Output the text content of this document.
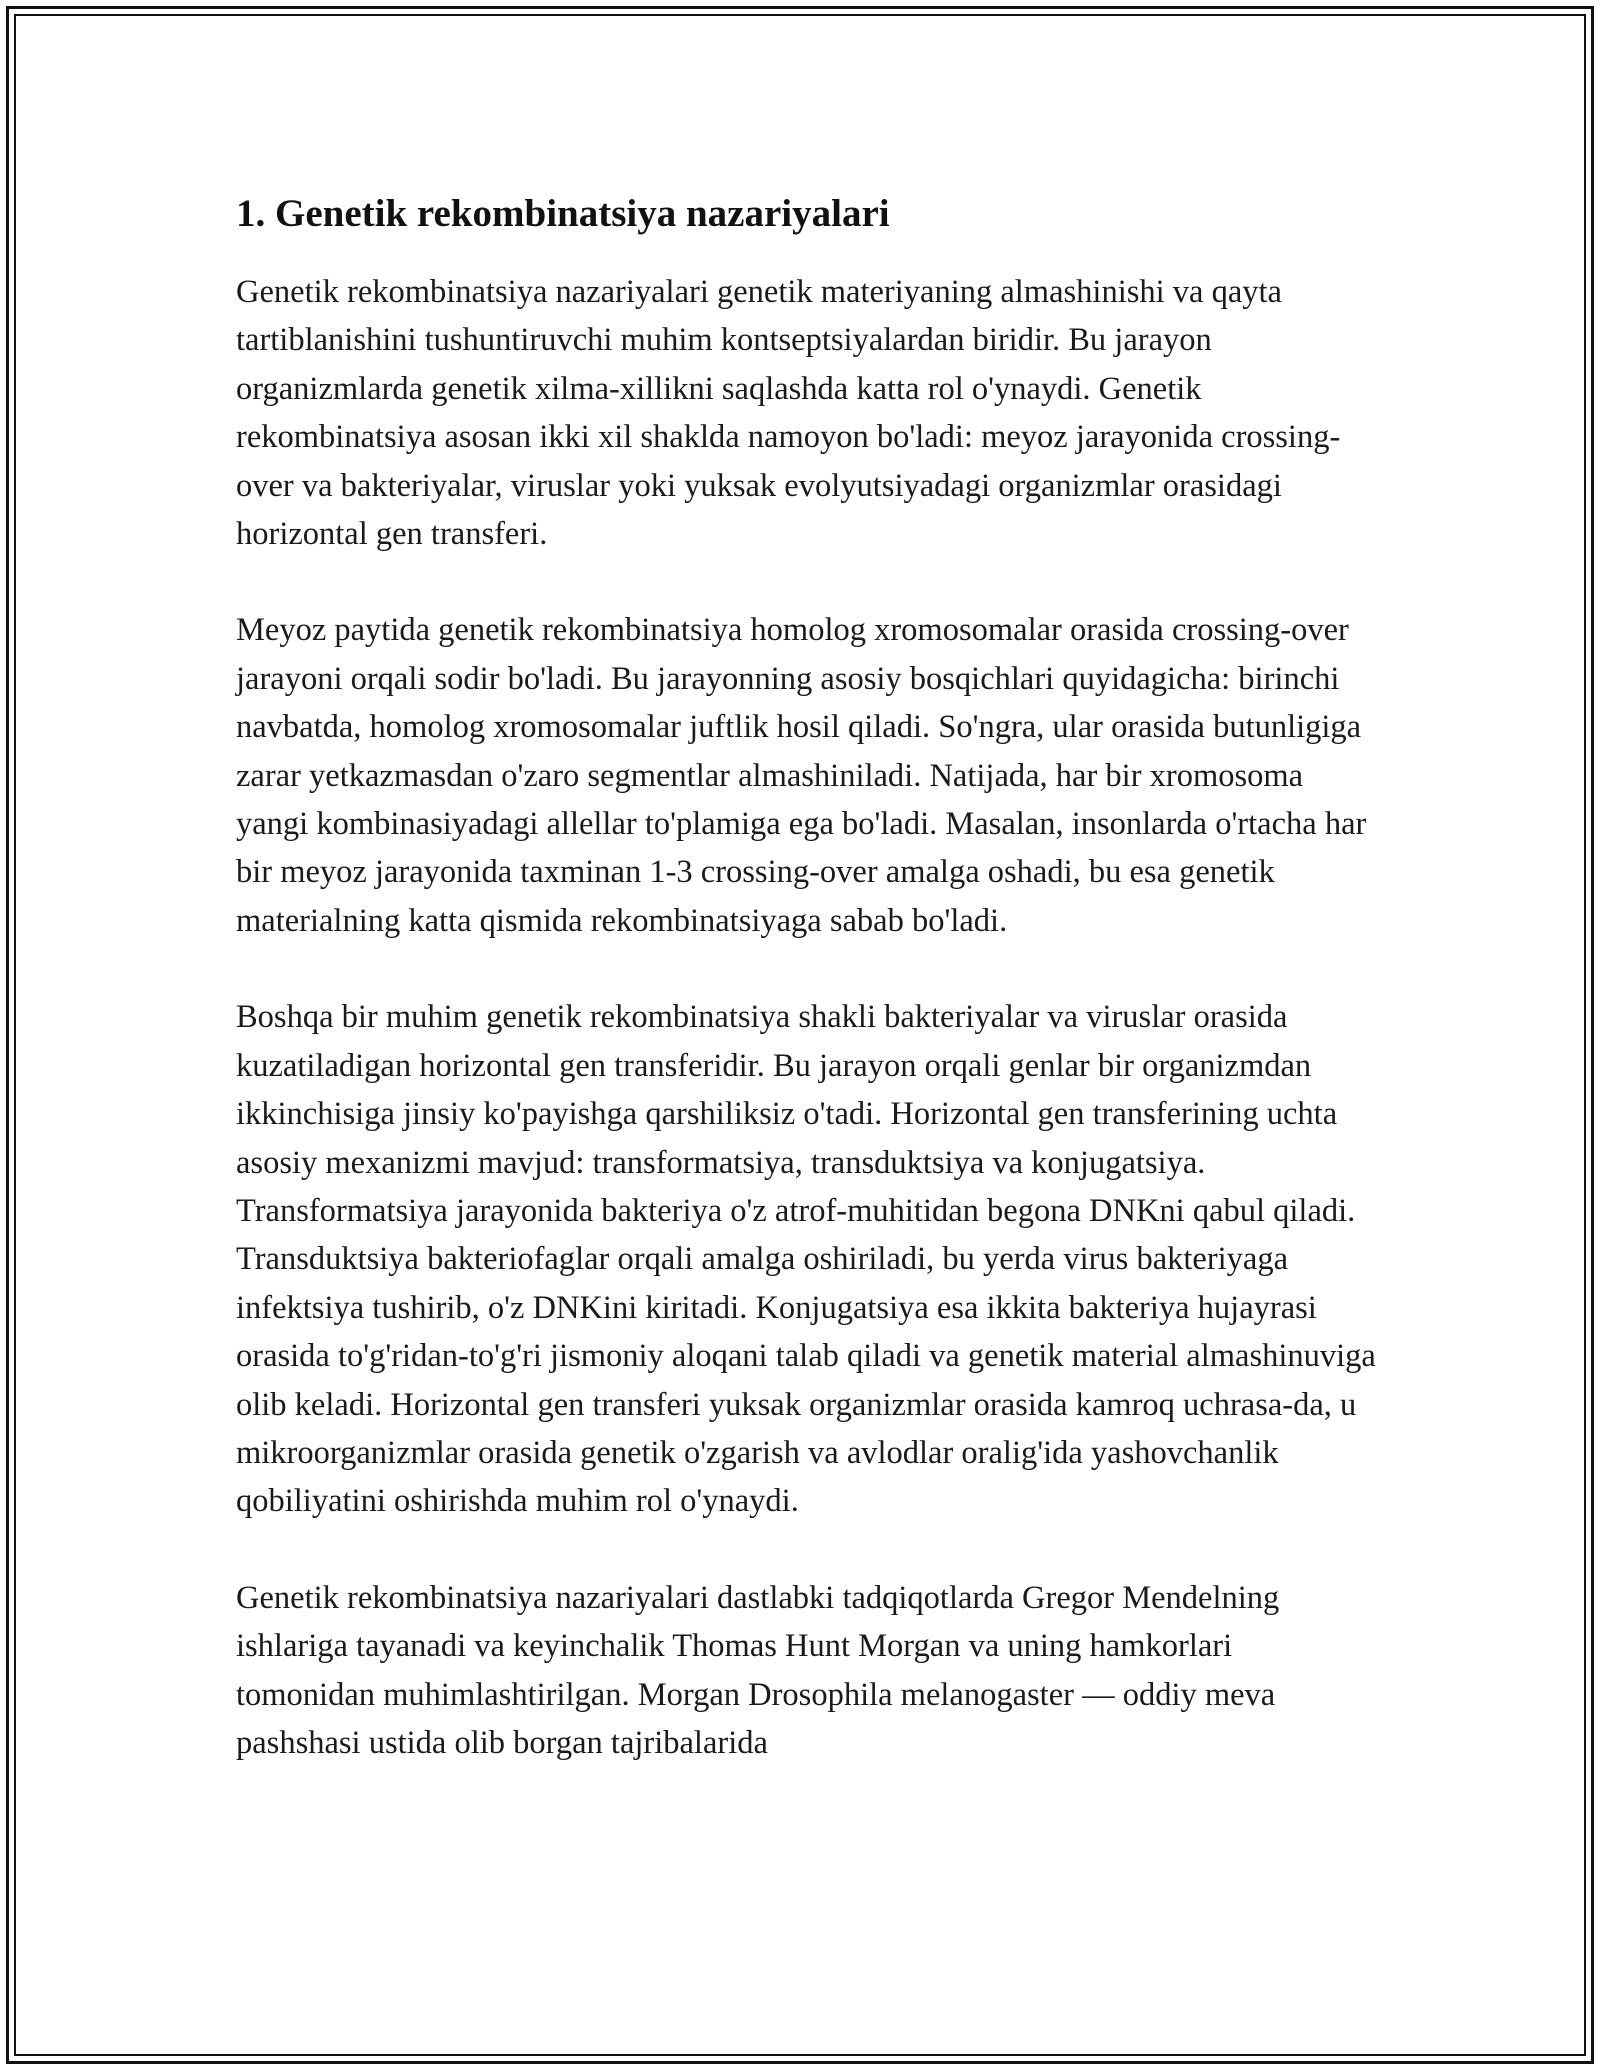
1. Genetik rekombinatsiya nazariyalari

Genetik rekombinatsiya nazariyalari genetik materiyaning almashinishi va qayta tartiblanishini tushuntiruvchi muhim kontseptsiyalardan biridir. Bu jarayon organizmlarda genetik xilma-xillikni saqlashda katta rol o'ynaydi. Genetik rekombinatsiya asosan ikki xil shaklda namoyon bo'ladi: meyoz jarayonida crossing-over va bakteriyalar, viruslar yoki yuksak evolyutsiyadagi organizmlar orasidagi horizontal gen transferi.

Meyoz paytida genetik rekombinatsiya homolog xromosomalar orasida crossing-over jarayoni orqali sodir bo'ladi. Bu jarayonning asosiy bosqichlari quyidagicha: birinchi navbatda, homolog xromosomalar juftlik hosil qiladi. So'ngra, ular orasida butunligiga zarar yetkazmasdan o'zaro segmentlar almashiniladi. Natijada, har bir xromosoma yangi kombinasiyadagi allellar to'plamiga ega bo'ladi. Masalan, insonlarda o'rtacha har bir meyoz jarayonida taxminan 1-3 crossing-over amalga oshadi, bu esa genetik materialning katta qismida rekombinatsiyaga sabab bo'ladi.

Boshqa bir muhim genetik rekombinatsiya shakli bakteriyalar va viruslar orasida kuzatiladigan horizontal gen transferidir. Bu jarayon orqali genlar bir organizmdan ikkinchisiga jinsiy ko'payishga qarshiliksiz o'tadi. Horizontal gen transferining uchta asosiy mexanizmi mavjud: transformatsiya, transduktsiya va konjugatsiya. Transformatsiya jarayonida bakteriya o'z atrof-muhitidan begona DNKni qabul qiladi. Transduktsiya bakteriofaglar orqali amalga oshiriladi, bu yerda virus bakteriyaga infektsiya tushirib, o'z DNKini kiritadi. Konjugatsiya esa ikkita bakteriya hujayrasi orasida to'g'ridan-to'g'ri jismoniy aloqani talab qiladi va genetik material almashinuviga olib keladi. Horizontal gen transferi yuksak organizmlar orasida kamroq uchrasa-da, u mikroorganizmlar orasida genetik o'zgarish va avlodlar oralig'ida yashovchanlik qobiliyatini oshirishda muhim rol o'ynaydi.

Genetik rekombinatsiya nazariyalari dastlabki tadqiqotlarda Gregor Mendelning ishlariga tayanadi va keyinchalik Thomas Hunt Morgan va uning hamkorlari tomonidan muhimlashtirilgan. Morgan Drosophila melanogaster — oddiy meva pashshasi ustida olib borgan tajribalarida
